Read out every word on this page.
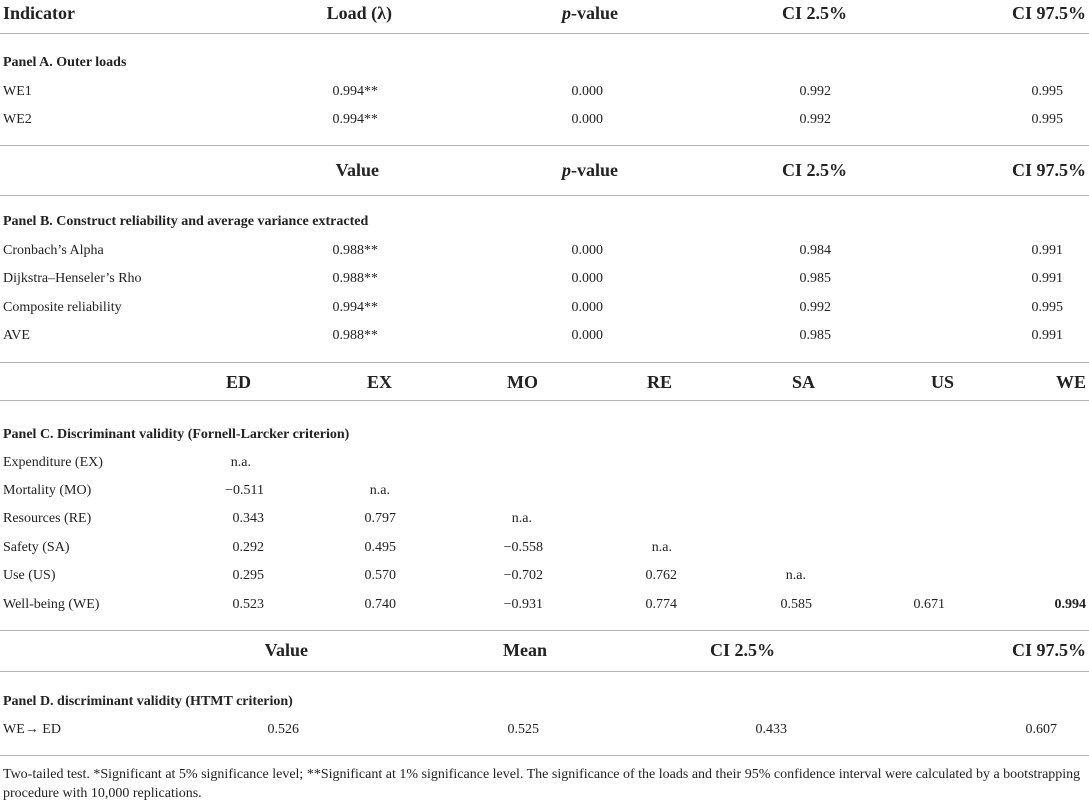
Indicator	Load (λ)	p-value	CI 2.5%	CI 97.5%
Panel A. Outer loads
WE1	0.994**	0.000	0.992	0.995
WE2	0.994**	0.000	0.992	0.995
Value	p-value	CI 2.5%	CI 97.5%
Panel B. Construct reliability and average variance extracted
Cronbach’s Alpha	0.988**	0.000	0.984	0.991
Dijkstra–Henseler’s Rho	0.988**	0.000	0.985	0.991
Composite reliability	0.994**	0.000	0.992	0.995
AVE	0.988**	0.000	0.985	0.991
ED	EX	MO	RE	SA	US	WE
Panel C. Discriminant validity (Fornell-Larcker criterion)
Expenditure (EX)	n.a.
Mortality (MO)	−0.511	n.a.
Resources (RE)	0.343	0.797	n.a.
Safety (SA)	0.292	0.495	−0.558	n.a.
Use (US)	0.295	0.570	−0.702	0.762	n.a.
Well-being (WE)	0.523	0.740	−0.931	0.774	0.585	0.671	0.994
Value	Mean	CI 2.5%	CI 97.5%
Panel D. discriminant validity (HTMT criterion)
WE→ ED	0.526	0.525	0.433	0.607
Two-tailed test. *Significant at 5% significance level; **Significant at 1% significance level. The significance of the loads and their 95% confidence interval were calculated by a bootstrapping procedure with 10,000 replications.
